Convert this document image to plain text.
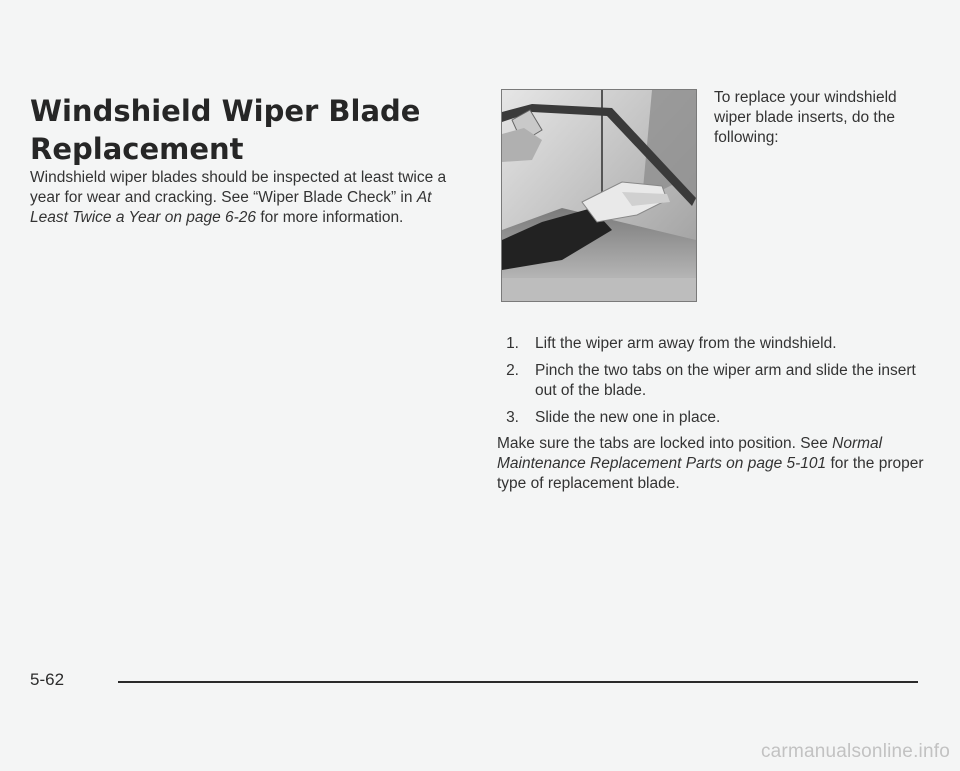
Windshield Wiper Blade Replacement

Windshield wiper blades should be inspected at least twice a year for wear and cracking. See “Wiper Blade Check” in At Least Twice a Year on page 6-26 for more information.

To replace your windshield wiper blade inserts, do the following:

1.	Lift the wiper arm away from the windshield.
2.	Pinch the two tabs on the wiper arm and slide the insert out of the blade.
3.	Slide the new one in place.

Make sure the tabs are locked into position. See Normal Maintenance Replacement Parts on page 5-101 for the proper type of replacement blade.

5-62
carmanualsonline.info
